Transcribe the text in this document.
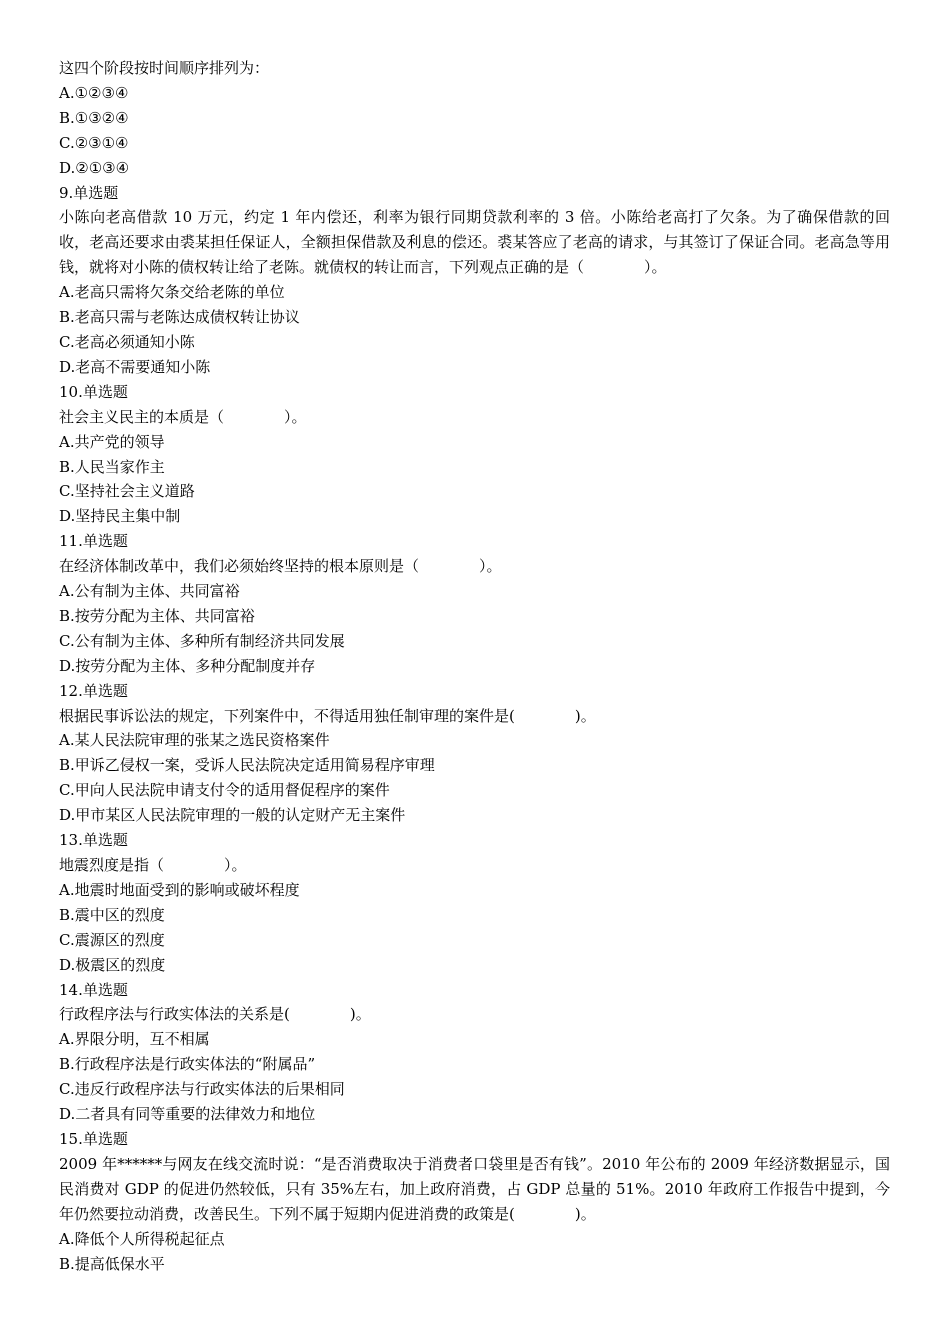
这四个阶段按时间顺序排列为：
A.①②③④
B.①③②④
C.②③①④
D.②①③④
9.单选题
小陈向老高借款 10 万元，约定 1 年内偿还，利率为银行同期贷款利率的 3 倍。小陈给老高打了欠条。为了确保借款的回收，老高还要求由裘某担任保证人，全额担保借款及利息的偿还。裘某答应了老高的请求，与其签订了保证合同。老高急等用钱，就将对小陈的债权转让给了老陈。就债权的转让而言，下列观点正确的是（　　　　）。
A.老高只需将欠条交给老陈的单位
B.老高只需与老陈达成债权转让协议
C.老高必须通知小陈
D.老高不需要通知小陈
10.单选题
社会主义民主的本质是（　　　　）。
A.共产党的领导
B.人民当家作主
C.坚持社会主义道路
D.坚持民主集中制
11.单选题
在经济体制改革中，我们必须始终坚持的根本原则是（　　　　）。
A.公有制为主体、共同富裕
B.按劳分配为主体、共同富裕
C.公有制为主体、多种所有制经济共同发展
D.按劳分配为主体、多种分配制度并存
12.单选题
根据民事诉讼法的规定，下列案件中，不得适用独任制审理的案件是(　　　　)。
A.某人民法院审理的张某之选民资格案件
B.甲诉乙侵权一案，受诉人民法院决定适用简易程序审理
C.甲向人民法院申请支付令的适用督促程序的案件
D.甲市某区人民法院审理的一般的认定财产无主案件
13.单选题
地震烈度是指（　　　　）。
A.地震时地面受到的影响或破坏程度
B.震中区的烈度
C.震源区的烈度
D.极震区的烈度
14.单选题
行政程序法与行政实体法的关系是(　　　　)。
A.界限分明，互不相属
B.行政程序法是行政实体法的“附属品”
C.违反行政程序法与行政实体法的后果相同
D.二者具有同等重要的法律效力和地位
15.单选题
2009 年******与网友在线交流时说：“是否消费取决于消费者口袋里是否有钱”。2010 年公布的 2009 年经济数据显示，国民消费对 GDP 的促进仍然较低，只有 35%左右，加上政府消费，占 GDP 总量的 51%。2010 年政府工作报告中提到，今年仍然要拉动消费，改善民生。下列不属于短期内促进消费的政策是(　　　　)。
A.降低个人所得税起征点
B.提高低保水平
